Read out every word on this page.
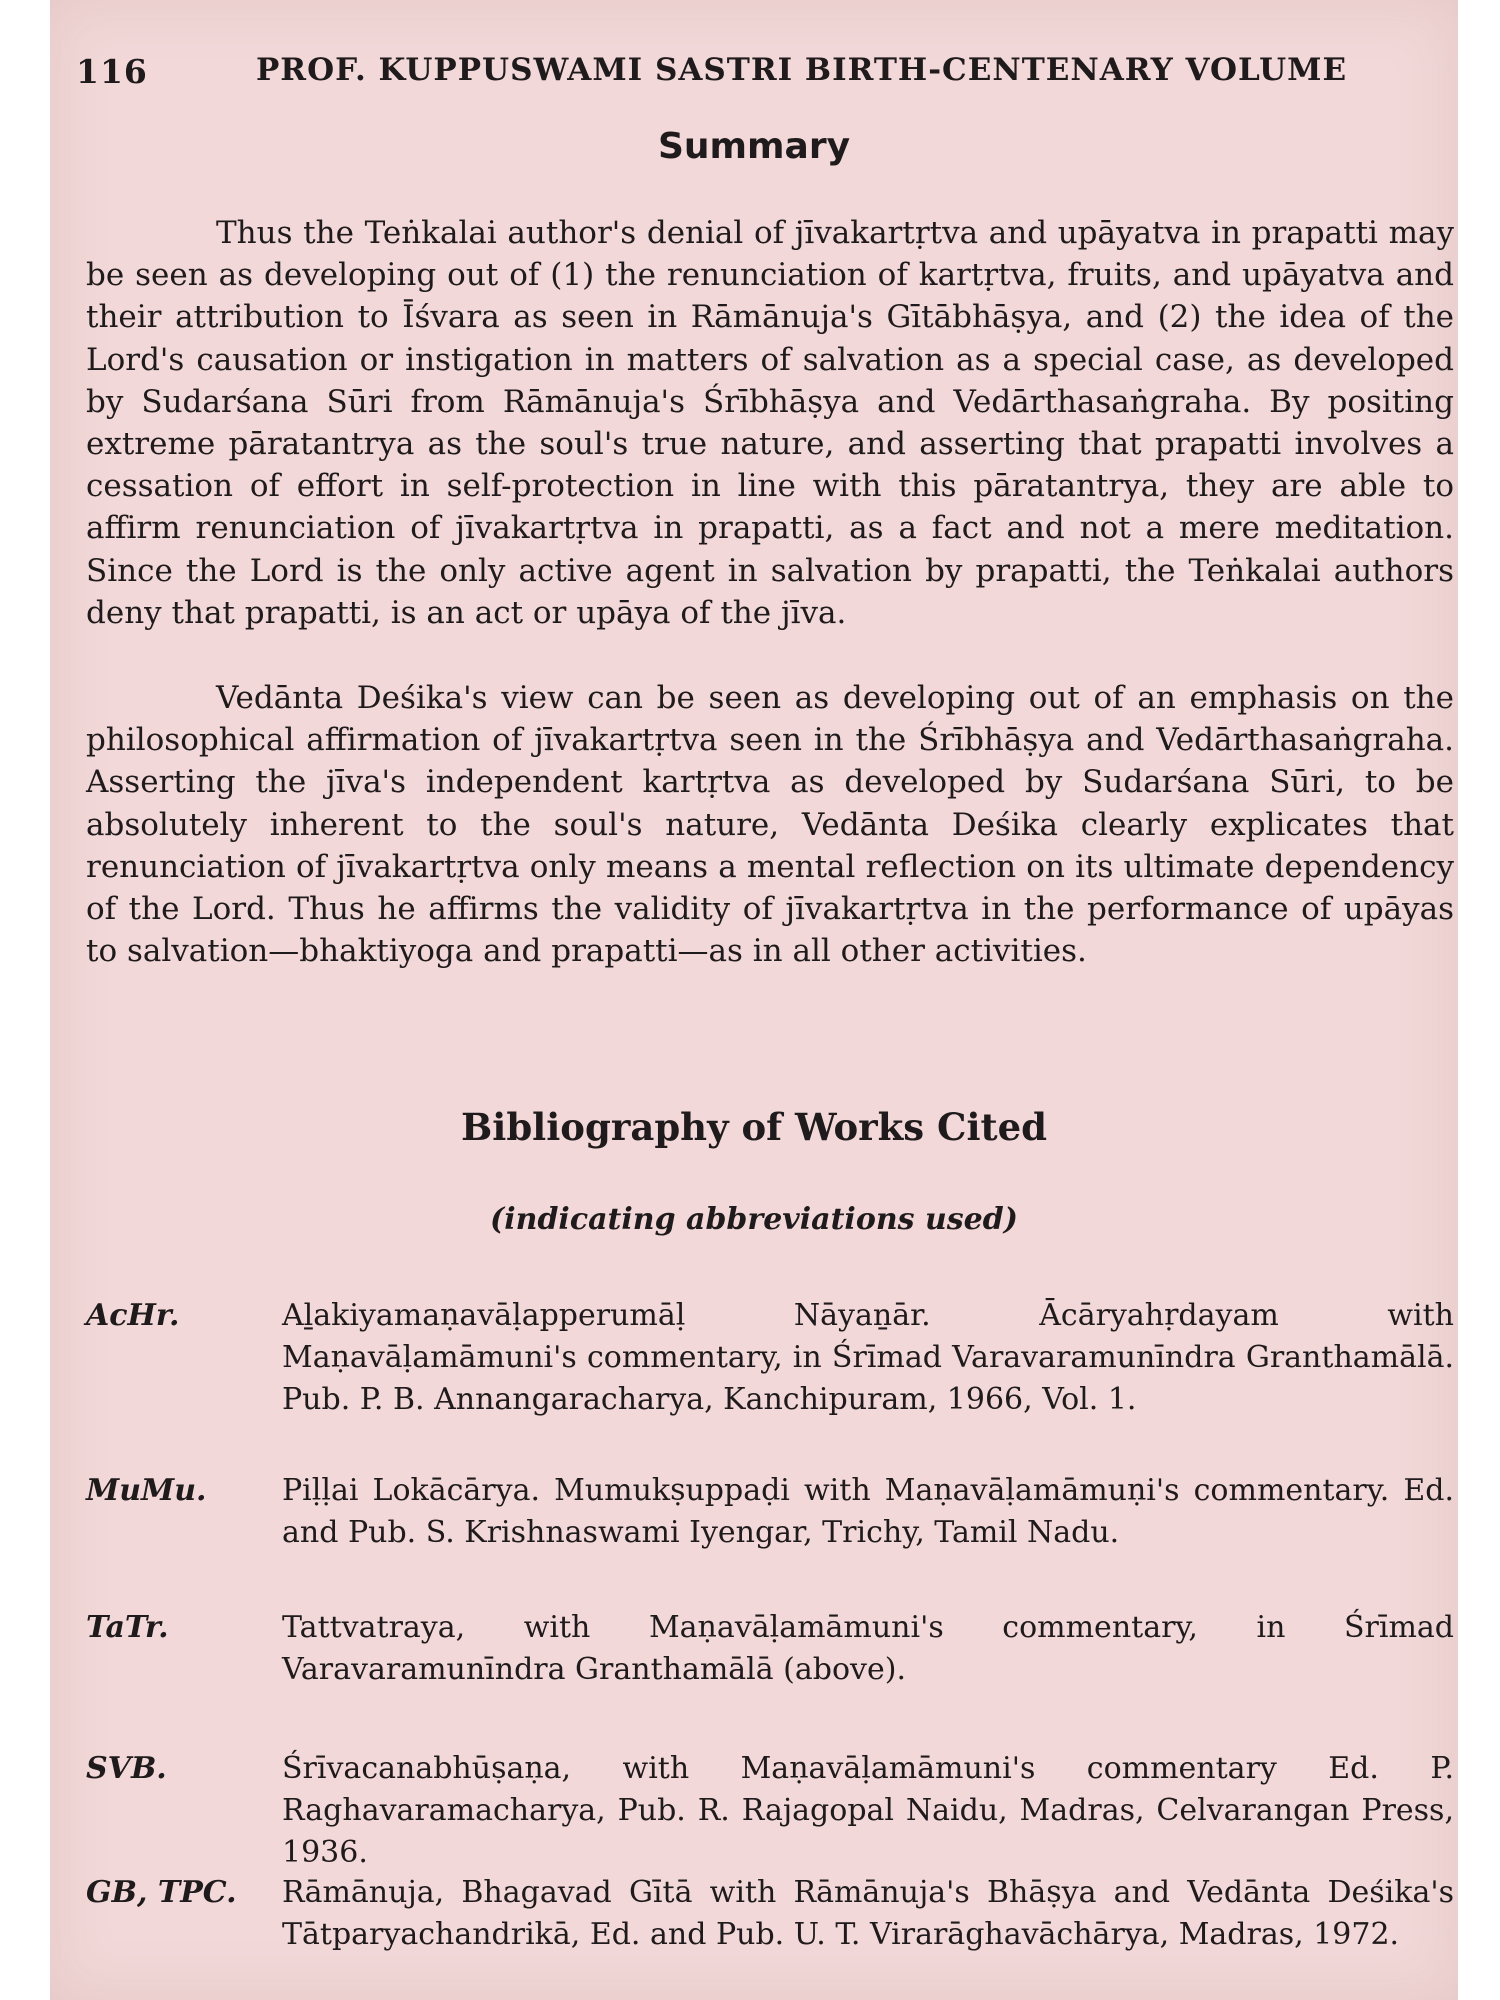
116	PROF. KUPPUSWAMI SASTRI BIRTH-CENTENARY VOLUME
Summary

Thus the Teṅkalai author's denial of jīvakartṛtva and upāyatva in prapatti may be seen as developing out of (1) the renunciation of kartṛtva, fruits, and upāyatva and their attribution to Īśvara as seen in Rāmānuja's Gītābhāṣya, and (2) the idea of the Lord's causation or instigation in matters of salvation as a special case, as developed by Sudarśana Sūri from Rāmānuja's Śrībhāṣya and Vedārthasaṅgraha. By positing extreme pāratantrya as the soul's true nature, and asserting that prapatti involves a cessation of effort in self-protection in line with this pāratantrya, they are able to affirm renunciation of jīvakartṛtva in prapatti, as a fact and not a mere meditation. Since the Lord is the only active agent in salvation by prapatti, the Teṅkalai authors deny that prapatti, is an act or upāya of the jīva.

Vedānta Deśika's view can be seen as developing out of an emphasis on the philosophical affirmation of jīvakartṛtva seen in the Śrībhāṣya and Vedārthasaṅgraha. Asserting the jīva's independent kartṛtva as developed by Sudarśana Sūri, to be absolutely inherent to the soul's nature, Vedānta Deśika clearly explicates that renunciation of jīvakartṛtva only means a mental reflection on its ultimate dependency of the Lord. Thus he affirms the validity of jīvakartṛtva in the performance of upāyas to salvation—bhaktiyoga and prapatti—as in all other activities.

Bibliography of Works Cited
(indicating abbreviations used)
AcHr.	Aḻakiyamaṇavāḷapperumāḷ Nāyaṉār. Ācāryahṛdayam with Maṇavāḷamāmuni's commentary, in Śrīmad Varavaramunīndra Granthamālā. Pub. P. B. Annangaracharya, Kanchipuram, 1966, Vol. 1.
MuMu.	Piḷḷai Lokācārya. Mumukṣuppaḍi with Maṇavāḷamāmuṇi's commentary. Ed. and Pub. S. Krishnaswami Iyengar, Trichy, Tamil Nadu.
TaTr.	Tattvatraya, with Maṇavāḷamāmuni's commentary, in Śrīmad Varavaramunīndra Granthamālā (above).
SVB.	Śrīvacanabhūṣaṇa, with Maṇavāḷamāmuni's commentary Ed. P. Raghavaramacharya, Pub. R. Rajagopal Naidu, Madras, Celvarangan Press, 1936.
GB, TPC.	Rāmānuja, Bhagavad Gītā with Rāmānuja's Bhāṣya and Vedānta Deśika's Tātparyachandrikā, Ed. and Pub. U. T. Virarāghavāchārya, Madras, 1972.
